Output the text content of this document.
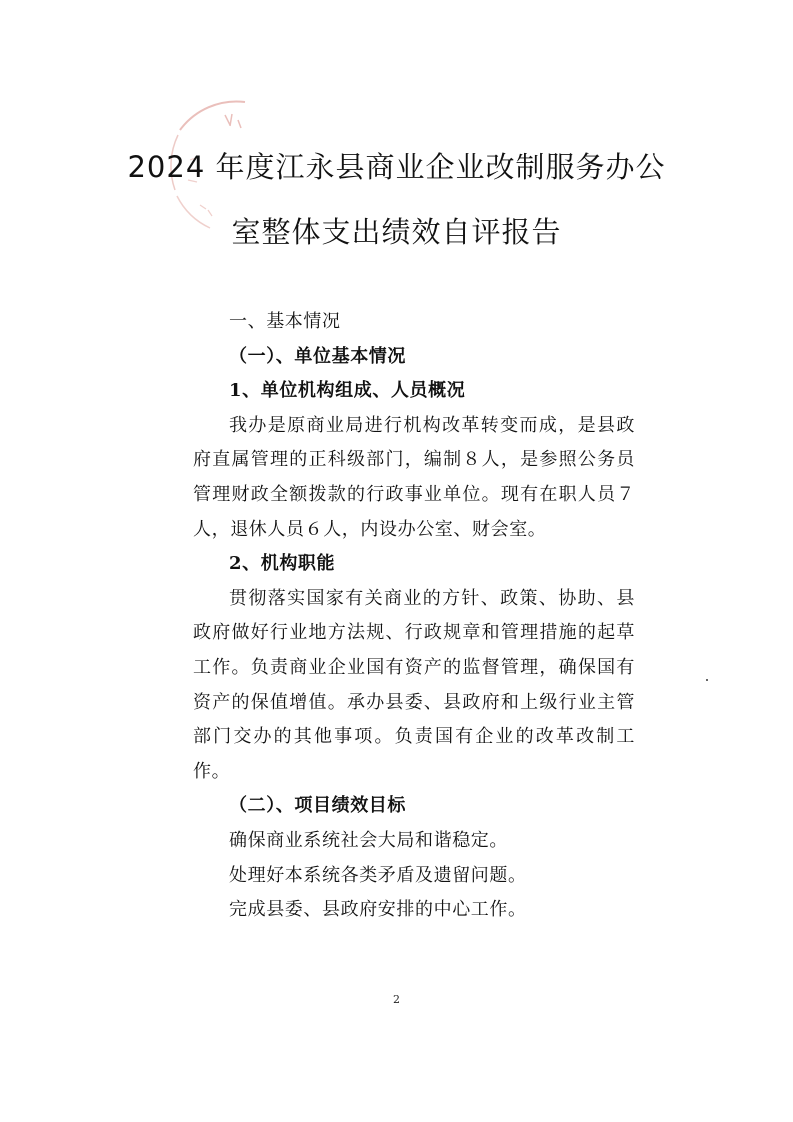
2024 年度江永县商业企业改制服务办公
室整体支出绩效自评报告

一、基本情况

（一）、单位基本情况

1、单位机构组成、人员概况

我办是原商业局进行机构改革转变而成，是县政府直属管理的正科级部门，编制８人，是参照公务员管理财政全额拨款的行政事业单位。现有在职人员７人，退休人员６人，内设办公室、财会室。

2、机构职能

贯彻落实国家有关商业的方针、政策、协助、县政府做好行业地方法规、行政规章和管理措施的起草工作。负责商业企业国有资产的监督管理，确保国有资产的保值增值。承办县委、县政府和上级行业主管部门交办的其他事项。负责国有企业的改革改制工作。

（二）、项目绩效目标

确保商业系统社会大局和谐稳定。

处理好本系统各类矛盾及遗留问题。

完成县委、县政府安排的中心工作。

2
